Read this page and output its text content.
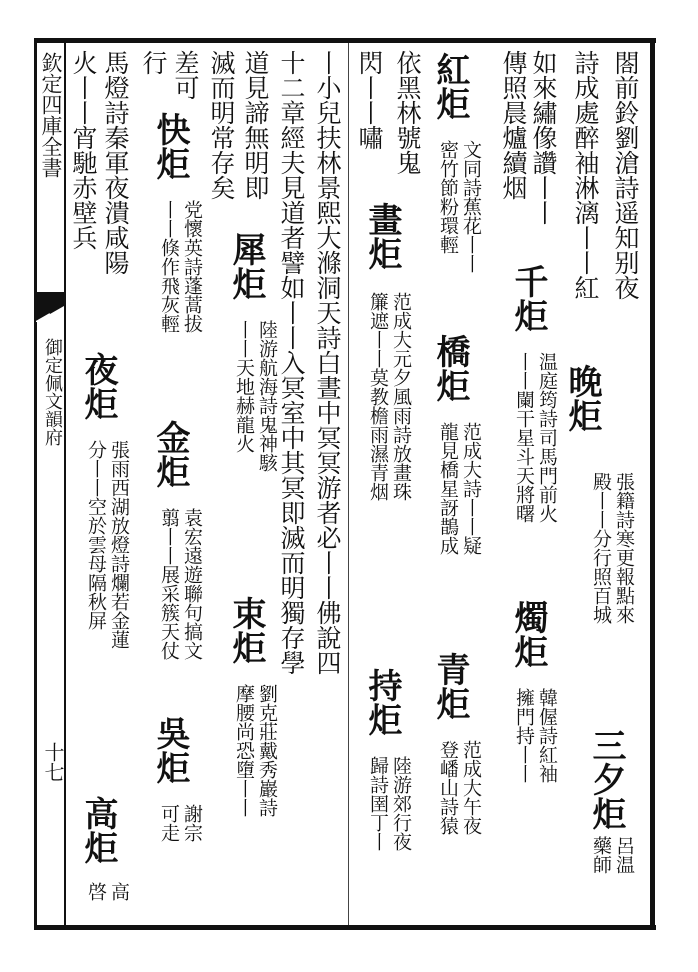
欽定四庫全書
御定佩文韻府
十七
閤前鈴劉滄詩遥知别夜
詩成處醉袖淋漓丨丨紅
晚炬
張籍詩寒更報點來
殿丨丨分行照百城
三夕炬
呂温
藥師
如來繡像讚丨丨
千炬
温庭筠詩司馬門前火
傳照晨爐續烟
丨丨闌干星斗天將曙
燭炬
韓偓詩紅袖
擁門持丨丨
紅炬
文同詩蕉花丨丨
密竹節粉環輕
橋炬
范成大詩丨丨疑
龍見橋星訝鵲成
青炬
范成大午夜
登嶓山詩猿
依黑林號鬼
畫炬
范成大元夕風雨詩放畫珠
閃丨丨嘯
簾遮丨丨莫教檐雨濕青烟
持炬
陸游郊行夜
歸詩圉丁丨
丨小兒扶林景熙大滌洞天詩白晝中冥冥游者必丨丨佛說四
十二章經夫見道者譬如丨丨入冥室中其冥即滅而明獨存學
道見諦無明即
犀炬
陸游航海詩鬼神駭
滅而明常存矣
丨丨天地赫龍火
束炬
劉克莊戴秀巖詩
摩腰尚恐墮丨丨
差可
快炬
党懷英詩蓬蒿拔
行
丨丨倏作飛灰輕
金炬
袁宏遠遊聯句搞文
翦丨丨展采簇天仗
吳炬
謝宗
可走
馬燈詩秦軍夜潰咸陽
夜炬
張雨西湖放燈詩爛若金蓮
火丨丨宵馳赤壁兵
分丨丨空於雲母隔秋屏
高炬
高
啓
